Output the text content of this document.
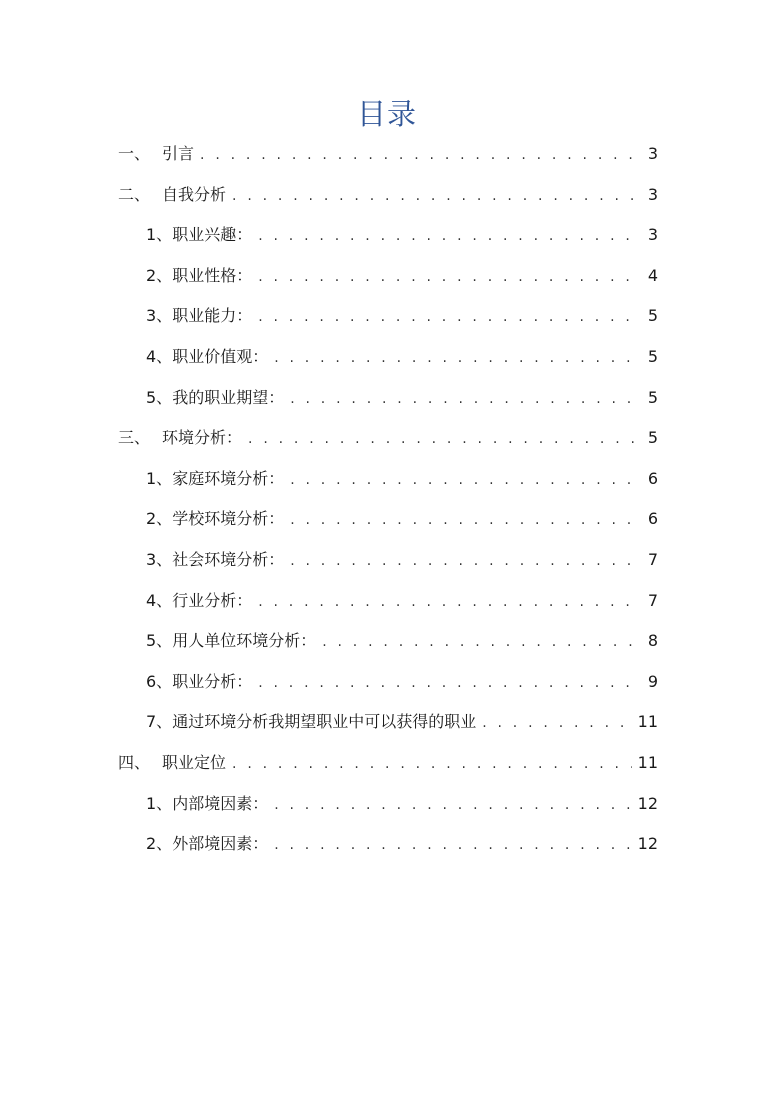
目录
一、 引言 . . .	3
二、 自我分析 . . .	3
1、 职业兴趣： . . .	3
2、 职业性格： . . .	4
3、 职业能力： . . .	5
4、 职业价值观： . . .	5
5、 我的职业期望： . . .	5
三、 环境分析： . . .	5
1、 家庭环境分析： . . .	6
2、 学校环境分析： . . .	6
3、 社会环境分析： . . .	7
4、 行业分析： . . .	7
5、 用人单位环境分析： . . .	8
6、 职业分析： . . .	9
7、 通过环境分析我期望职业中可以获得的职业 . . .	11
四、 职业定位 . . .	11
1、 内部境因素： . . .	12
2、 外部境因素： . . .	12
